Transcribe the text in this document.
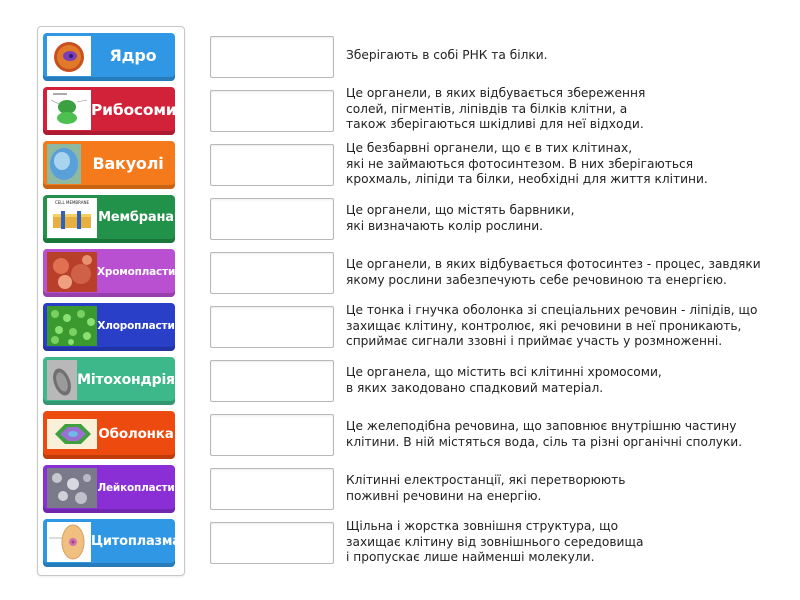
Ядро
Рибосоми
Вакуолі
CELL MEMBRANE
Мембрана
Хромопласти
Хлоропласти
Мітохондрія
Оболонка
Лейкопласти
Цитоплазма
Зберігають в собі РНК та білки.
Це органели, в яких відбувається збереження
солей, пігментів, ліпівдів та білків клітни, а
також зберігаються шкідливі для неї відходи.
Це безбарвні органели, що є в тих клітинах,
які не займаються фотосинтезом. В них зберігаються
крохмаль, ліпіди та білки, необхідні для життя клітини.
Це органели, що містять барвники,
які визначають колір рослини.
Це органели, в яких відбувається фотосинтез - процес, завдяки
якому рослини забезпечують себе речовиною та енергією.
Це тонка і гнучка оболонка зі спеціальних речовин - ліпідів, що
захищає клітину, контролює, які речовини в неї проникають,
сприймає сигнали ззовні і приймає участь у розмноженні.
Це органела, що містить всі клітинні хромосоми,
в яких закодовано спадковий матеріал.
Це желеподібна речовина, що заповнює внутрішню частину
клітини. В ній містяться вода, сіль та різні органічні сполуки.
Клітинні електростанції, які перетворюють
поживні речовини на енергію.
Щільна і жорстка зовнішня структура, що
захищає клітину від зовнішнього середовища
і пропускає лише найменші молекули.
